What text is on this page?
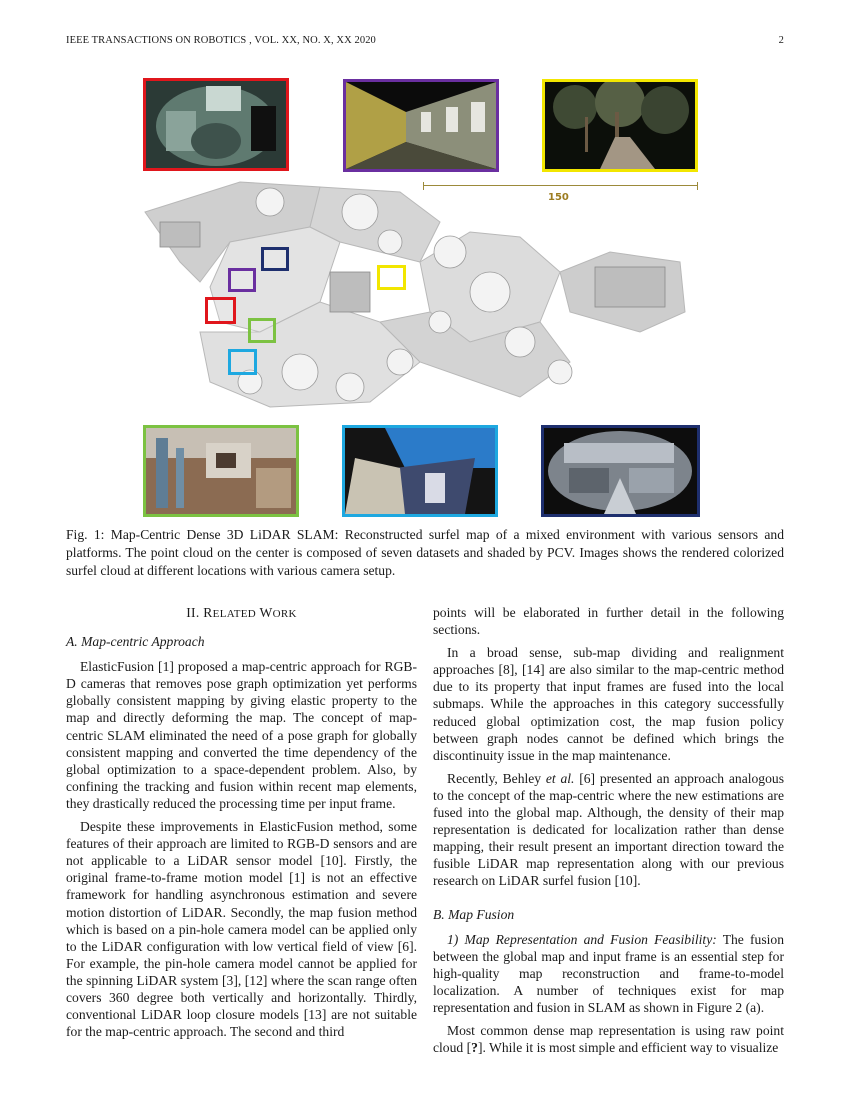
IEEE TRANSACTIONS ON ROBOTICS , VOL. XX, NO. X, XX 2020	2
150
Fig. 1: Map-Centric Dense 3D LiDAR SLAM: Reconstructed surfel map of a mixed environment with various sensors and platforms. The point cloud on the center is composed of seven datasets and shaded by PCV. Images shows the rendered colorized surfel cloud at different locations with various camera setup.
II. RELATED WORK
A. Map-centric Approach

ElasticFusion [1] proposed a map-centric approach for RGB-D cameras that removes pose graph optimization yet performs globally consistent mapping by giving elastic property to the map and directly deforming the map. The concept of map-centric SLAM eliminated the need of a pose graph for globally consistent mapping and converted the time dependency of the global optimization to a space-dependent problem. Also, by confining the tracking and fusion within recent map elements, they drastically reduced the processing time per input frame.

Despite these improvements in ElasticFusion method, some features of their approach are limited to RGB-D sensors and are not applicable to a LiDAR sensor model [10]. Firstly, the original frame-to-frame motion model [1] is not an effective framework for handling asynchronous estimation and severe motion distortion of LiDAR. Secondly, the map fusion method which is based on a pin-hole camera model can be applied only to the LiDAR configuration with low vertical field of view [6]. For example, the pin-hole camera model cannot be applied for the spinning LiDAR system [3], [12] where the scan range often covers 360 degree both vertically and horizontally. Thirdly, conventional LiDAR loop closure models [13] are not suitable for the map-centric approach. The second and third

points will be elaborated in further detail in the following sections.

In a broad sense, sub-map dividing and realignment approaches [8], [14] are also similar to the map-centric method due to its property that input frames are fused into the local submaps. While the approaches in this category successfully reduced global optimization cost, the map fusion policy between graph nodes cannot be defined which brings the discontinuity issue in the map maintenance.

Recently, Behley et al. [6] presented an approach analogous to the concept of the map-centric where the new estimations are fused into the global map. Although, the density of their map representation is dedicated for localization rather than dense mapping, their result present an important direction toward the fusible LiDAR map representation along with our previous research on LiDAR surfel fusion [10].

B. Map Fusion

1) Map Representation and Fusion Feasibility: The fusion between the global map and input frame is an essential step for high-quality map reconstruction and frame-to-model localization. A number of techniques exist for map representation and fusion in SLAM as shown in Figure 2 (a).

Most common dense map representation is using raw point cloud [?]. While it is most simple and efficient way to visualize
